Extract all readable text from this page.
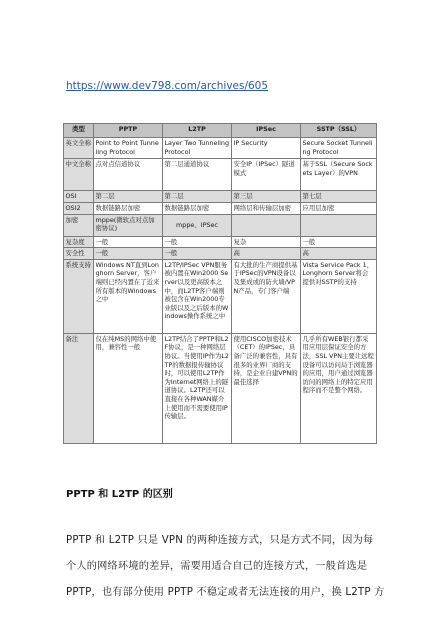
https://www.dev798.com/archives/605
类型	PPTP	L2TP	IPSec	SSTP（SSL）
英文全称	Point to Point Tunneling Protocol	Layer Two Tunneling Protocol	IP Security	Secure Socket Tunneling Protocol
中文全称	点对点信道协议	第二层通道协议	安全IP（IPSec）隧道模式	基于SSL（Secure Sockets Layer）的VPN
OSI	第二层	第二层	第三层	第七层
OSI2	数据链路层加密	数据链路层加密	网络层和传输层加密	应用层加密
加密	mppe(微软点对点加密协议)	mppe、IPSec		
复杂度	一般	一般	复杂	一般
安全性	一般	一般	高	高
系统支持	Windows NT直到Longhorn Server，客户端则已经内置在了近来所有版本的Windows之中	L2TP/IPSec VPN服务被内置在Win2000 Server以及更高版本之中，而L2TP客户端则被包含在Win2000专业版以及之后版本的Windows操作系统之中	有大批的生产商提供基于IPSec的VPN设备以及集成或的防火墙/VPN产品，专门客户端	Vista Service Pack 1，Longhorn Server将会提供对SSTP的支持
备注	仅在纯MS的网络中使用，兼容性一般	L2TP结合了PPTP和L2F协议，是一种网络层协议。当使用IP作为L2TP的数据报传输协议时，可以使用L2TP作为Internet网络上的隧道协议。L2TP还可以直接在各种WAN媒介上使用而不需要使用IP传输层。	使用CISCO加密技术（CET）的IPSec，具备广泛的兼容性，具有很多的业界厂商的支持，是企业自建VPN的最佳选择	几乎所有WEB银行都采用应用层保证安全的方法，SSL VPN主要让远程设备可以访问局于浏览器的应用，用户通过浏览器访问的网络上的特定应用程序而不是整个网络。
PPTP 和 L2TP 的区别
PPTP 和 L2TP 只是 VPN 的两种连接方式，只是方式不同，因为每
个人的网络环境的差异，需要用适合自己的连接方式，一般首选是
PPTP，也有部分使用 PPTP 不稳定或者无法连接的用户，换 L2TP 方
